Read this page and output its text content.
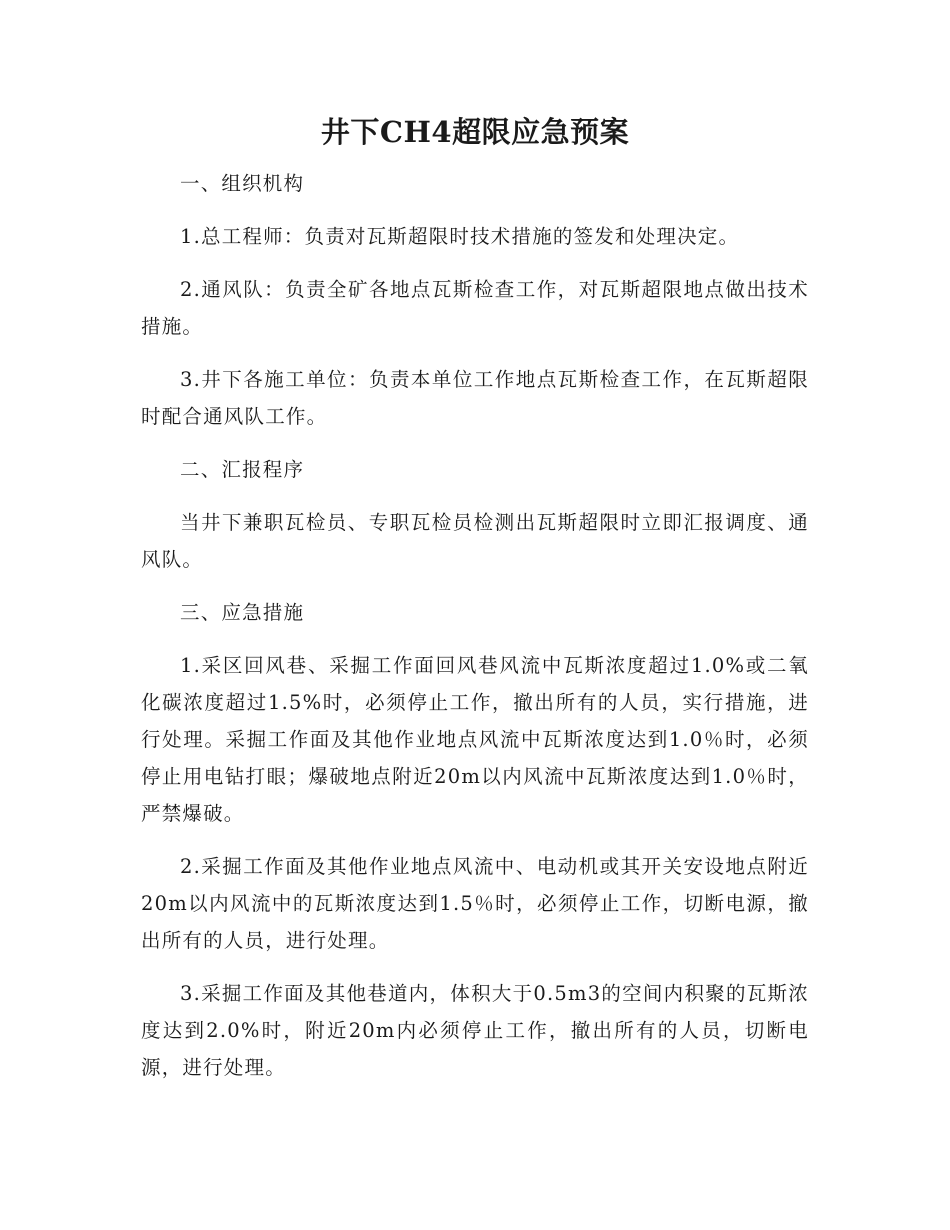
井下CH4超限应急预案

一、组织机构

1.总工程师：负责对瓦斯超限时技术措施的签发和处理决定。

2.通风队：负责全矿各地点瓦斯检查工作，对瓦斯超限地点做出技术措施。

3.井下各施工单位：负责本单位工作地点瓦斯检查工作，在瓦斯超限时配合通风队工作。

二、汇报程序

当井下兼职瓦检员、专职瓦检员检测出瓦斯超限时立即汇报调度、通风队。

三、应急措施

1.采区回风巷、采掘工作面回风巷风流中瓦斯浓度超过1.0%或二氧化碳浓度超过1.5%时，必须停止工作，撤出所有的人员，实行措施，进行处理。采掘工作面及其他作业地点风流中瓦斯浓度达到1.0％时，必须停止用电钻打眼；爆破地点附近20m以内风流中瓦斯浓度达到1.0％时，严禁爆破。

2.采掘工作面及其他作业地点风流中、电动机或其开关安设地点附近20m以内风流中的瓦斯浓度达到1.5％时，必须停止工作，切断电源，撤出所有的人员，进行处理。

3.采掘工作面及其他巷道内，体积大于0.5m3的空间内积聚的瓦斯浓度达到2.0%时，附近20m内必须停止工作，撤出所有的人员，切断电源，进行处理。
